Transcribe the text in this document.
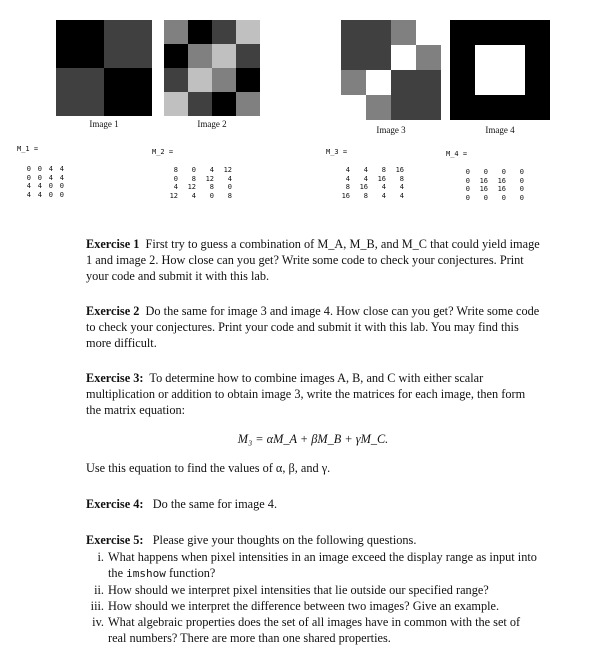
Image 1	Image 2
Image 3	Image 4
M_1 =	M_2 =	M_3 =	M_4 =
0 0 4 4
0 0 4 4
4 4 0 0
4 4 0 0
8	0	4	12
0	8	12	4
4	12	8	0
12	4	0	8
4	4	8	16
4	4	16	8
8	16	4	4
16	8	4	4
0	0	0	0
0	16	16	0
0	16	16	0
0	0	0	0
Exercise 1 First try to guess a combination of M_A, M_B, and M_C that could yield image 1 and image 2. How close can you get? Write some code to check your conjectures. Print your code and submit it with this lab.
Exercise 2 Do the same for image 3 and image 4. How close can you get? Write some code to check your conjectures. Print your code and submit it with this lab. You may find this more difficult.
Exercise 3: To determine how to combine images A, B, and C with either scalar multiplication or addition to obtain image 3, write the matrices for each image, then form the matrix equation:
M₃ = αM_A + βM_B + γM_C.
Use this equation to find the values of α, β, and γ.
Exercise 4: Do the same for image 4.
Exercise 5: Please give your thoughts on the following questions.
i. What happens when pixel intensities in an image exceed the display range as input into the imshow function?
ii. How should we interpret pixel intensities that lie outside our specified range?
iii. How should we interpret the difference between two images? Give an example.
iv. What algebraic properties does the set of all images have in common with the set of real numbers? There are more than one shared properties.
